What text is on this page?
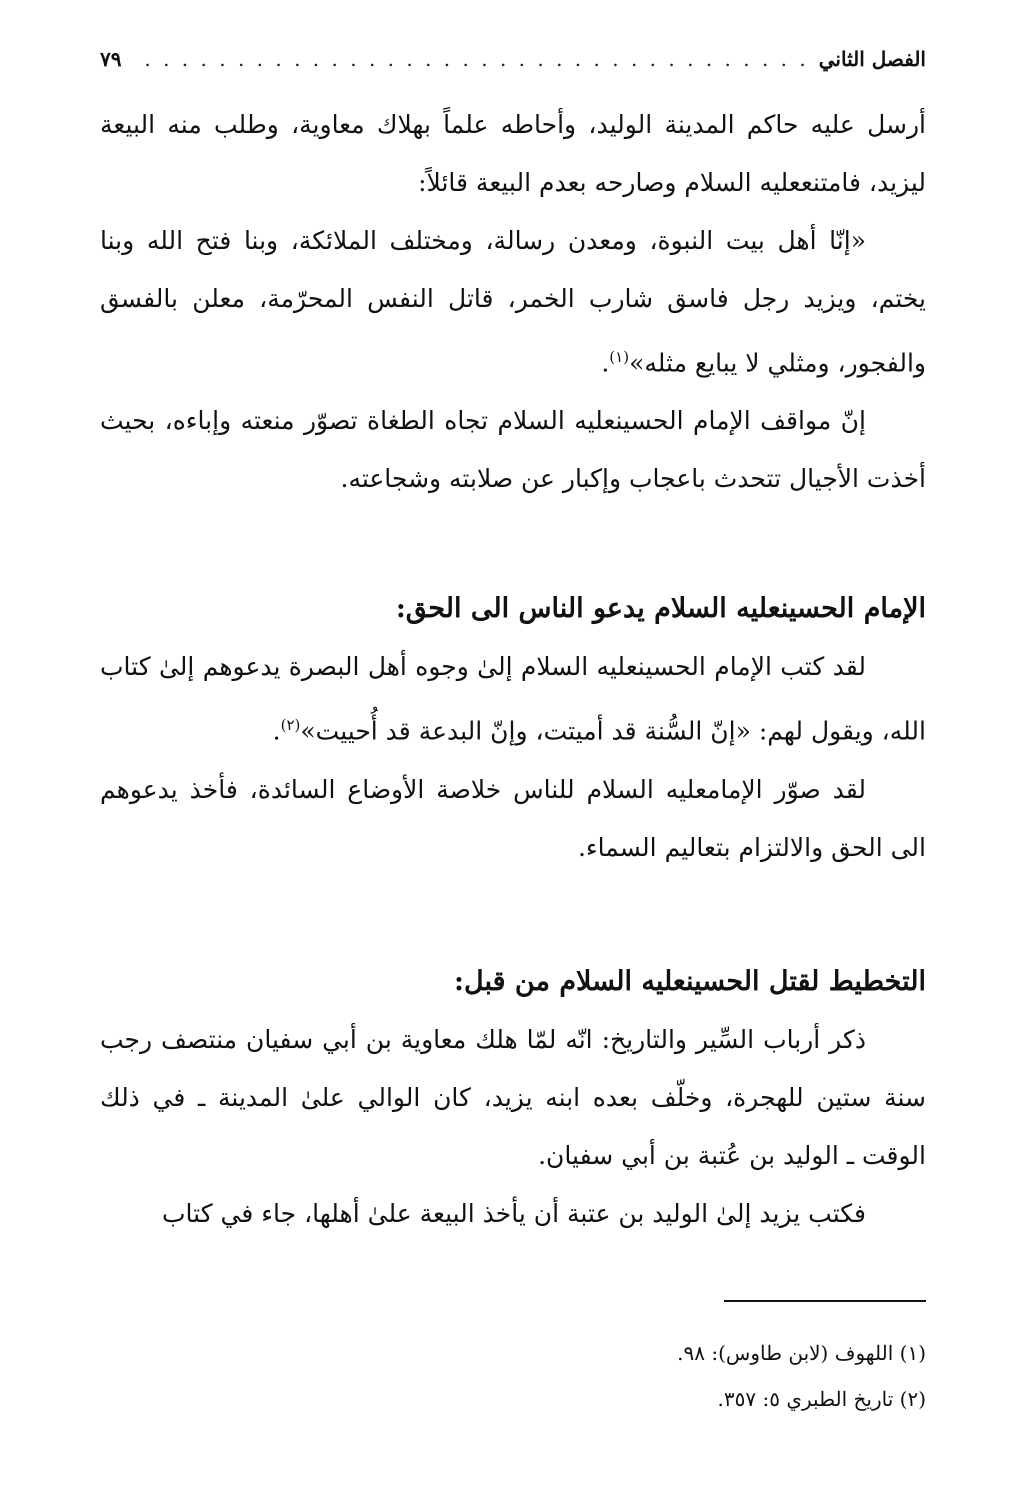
الفصل الثاني
. . .
٧٩

أرسل عليه حاكم المدينة الوليد، وأحاطه علماً بهلاك معاوية، وطلب منه البيعة ليزيد، فامتنععليه السلام وصارحه بعدم البيعة قائلاً:

«إنّا أهل بيت النبوة، ومعدن رسالة، ومختلف الملائكة، وبنا فتح الله وبنا يختم، ويزيد رجل فاسق شارب الخمر، قاتل النفس المحرّمة، معلن بالفسق والفجور، ومثلي لا يبايع مثله»$^{(١)}$.

إنّ مواقف الإمام الحسينعليه السلام تجاه الطغاة تصوّر منعته وإباءه، بحيث أخذت الأجيال تتحدث باعجاب وإكبار عن صلابته وشجاعته.

الإمام الحسينعليه السلام يدعو الناس الى الحق:

لقد كتب الإمام الحسينعليه السلام إلىٰ وجوه أهل البصرة يدعوهم إلىٰ كتاب الله، ويقول لهم: «إنّ السُّنة قد أميتت، وإنّ البدعة قد أُحييت»$^{(٢)}$.

لقد صوّر الإمامعليه السلام للناس خلاصة الأوضاع السائدة، فأخذ يدعوهم الى الحق والالتزام بتعاليم السماء.

التخطيط لقتل الحسينعليه السلام من قبل:

ذكر أرباب السِّير والتاريخ: انّه لمّا هلك معاوية بن أبي سفيان منتصف رجب سنة ستين للهجرة، وخلّف بعده ابنه يزيد، كان الوالي علىٰ المدينة ـ في ذلك الوقت ـ الوليد بن عُتبة بن أبي سفيان.

فكتب يزيد إلىٰ الوليد بن عتبة أن يأخذ البيعة علىٰ أهلها، جاء في كتاب

(١) اللهوف (لابن طاوس): ٩٨.

(٢) تاريخ الطبري ٥: ٣٥٧.
